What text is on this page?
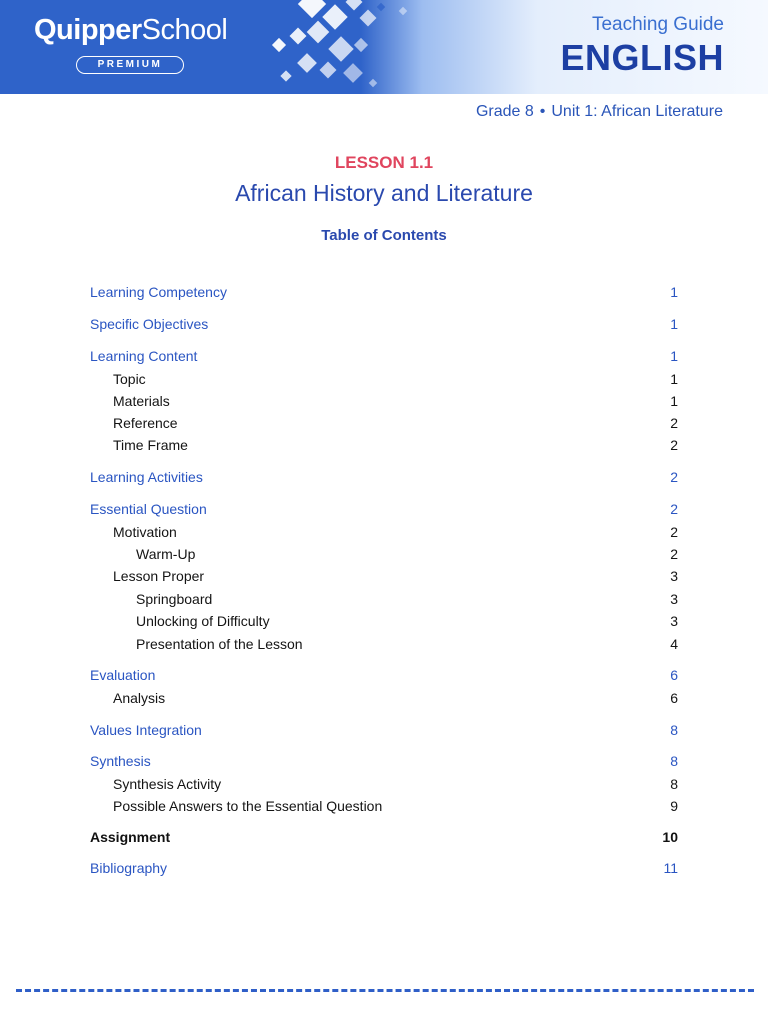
QuipperSchool
PREMIUM
Teaching Guide
ENGLISH
Grade 8 • Unit 1: African Literature
LESSON 1.1
African History and Literature
Table of Contents
Learning Competency	1
Specific Objectives	1
Learning Content	1
Topic	1
Materials	1
Reference	2
Time Frame	2
Learning Activities	2
Essential Question	2
Motivation	2
Warm-Up	2
Lesson Proper	3
Springboard	3
Unlocking of Difficulty	3
Presentation of the Lesson	4
Evaluation	6
Analysis	6
Values Integration	8
Synthesis	8
Synthesis Activity	8
Possible Answers to the Essential Question	9
Assignment	10
Bibliography	11
